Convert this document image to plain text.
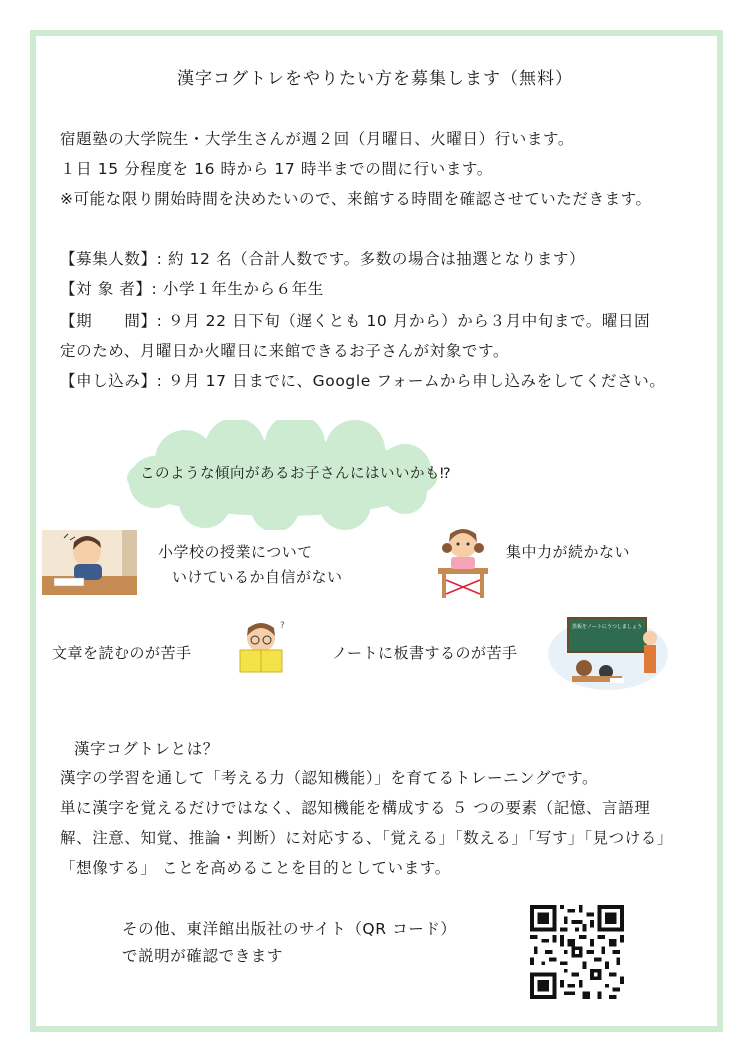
漢字コグトレをやりたい方を募集します（無料）
宿題塾の大学院生・大学生さんが週２回（月曜日、火曜日）行います。
１日 15 分程度を 16 時から 17 時半までの間に行います。
※可能な限り開始時間を決めたいので、来館する時間を確認させていただきます。
【募集人数】: 約 12 名（合計人数です。多数の場合は抽選となります）
【対 象 者】: 小学１年生から６年生
【期　　間】: ９月 22 日下旬（遅くとも 10 月から）から３月中旬まで。曜日固
定のため、月曜日か火曜日に来館できるお子さんが対象です。
【申し込み】: ９月 17 日までに、Google フォームから申し込みをしてください。
このような傾向があるお子さんにはいいかも⁉
小学校の授業について
いけているか自信がない
集中力が続かない
?
文章を読むのが苦手	ノートに板書するのが苦手
黒板をノートにうつしましょう
漢字コグトレとは？
漢字の学習を通して「考える力（認知機能）」を育てるトレーニングです。
単に漢字を覚えるだけではなく、認知機能を構成する ５ つの要素（記憶、言語理
解、注意、知覚、推論・判断）に対応する、「覚える」「数える」「写す」「見つける」
「想像する」 ことを高めることを目的としています。
その他、東洋館出版社のサイト（QR コード）
で説明が確認できます
